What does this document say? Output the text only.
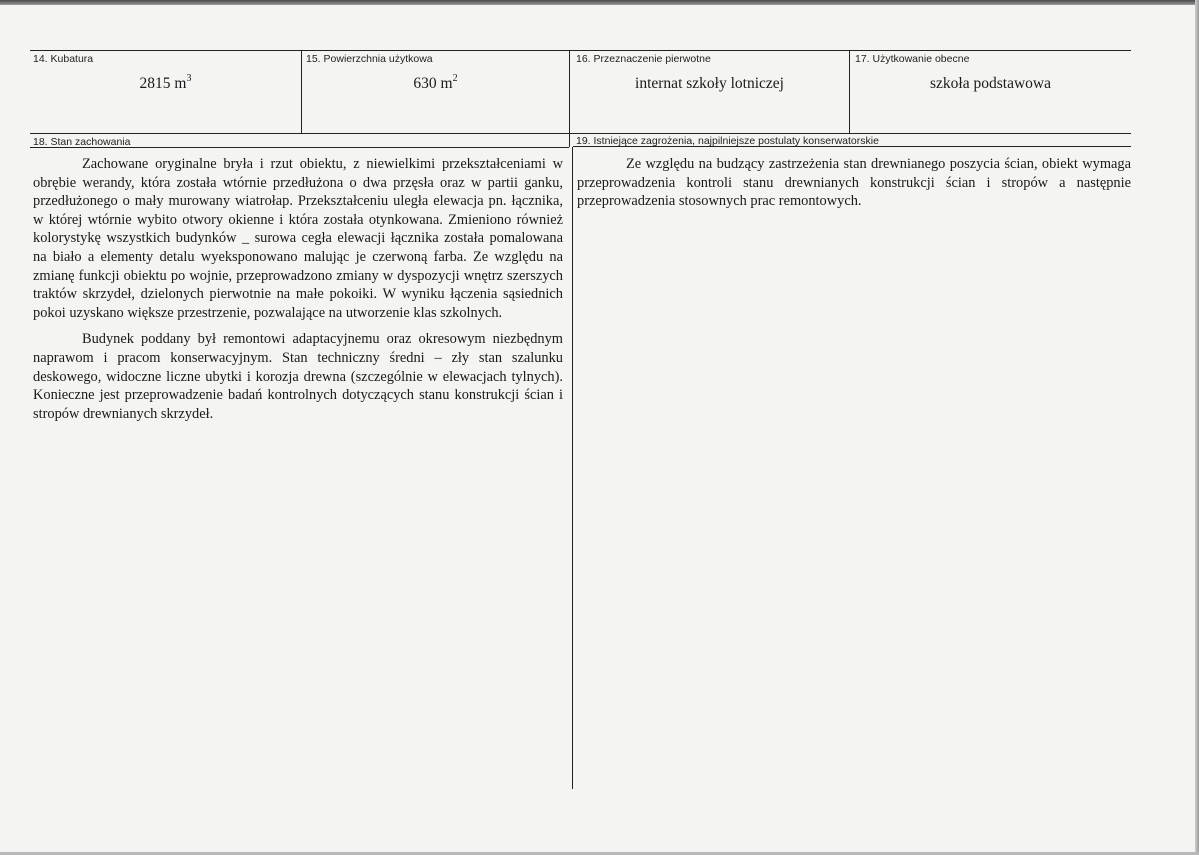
14. Kubatura
2815 $m^3$
15. Powierzchnia użytkowa
630 $m^2$
16. Przeznaczenie pierwotne
internat szkoły lotniczej
17. Użytkowanie obecne
szkoła podstawowa
18. Stan zachowania

Zachowane oryginalne bryła i rzut obiektu, z niewielkimi przekształceniami w obrębie werandy, która została wtórnie przedłużona o dwa przęsła oraz w partii ganku, przedłużonego o mały murowany wiatrołap. Przekształceniu uległa elewacja pn. łącznika, w której wtórnie wybito otwory okienne i która została otynkowana. Zmieniono również kolorystykę wszystkich budynków _ surowa cegła elewacji łącznika została pomalowana na biało a elementy detalu wyeksponowano malując je czerwoną farba. Ze względu na zmianę funkcji obiektu po wojnie, przeprowadzono zmiany w dyspozycji wnętrz szerszych traktów skrzydeł, dzielonych pierwotnie na małe pokoiki. W wyniku łączenia sąsiednich pokoi uzyskano większe przestrzenie, pozwalające na utworzenie klas szkolnych.

Budynek poddany był remontowi adaptacyjnemu oraz okresowym niezbędnym naprawom i pracom konserwacyjnym. Stan techniczny średni – zły stan szalunku deskowego, widoczne liczne ubytki i korozja drewna (szczególnie w elewacjach tylnych). Konieczne jest przeprowadzenie badań kontrolnych dotyczących stanu konstrukcji ścian i stropów drewnianych skrzydeł.

19. Istniejące zagrożenia, najpilniejsze postulaty konserwatorskie

Ze względu na budzący zastrzeżenia stan drewnianego poszycia ścian, obiekt wymaga przeprowadzenia kontroli stanu drewnianych konstrukcji ścian i stropów a następnie przeprowadzenia stosownych prac remontowych.
